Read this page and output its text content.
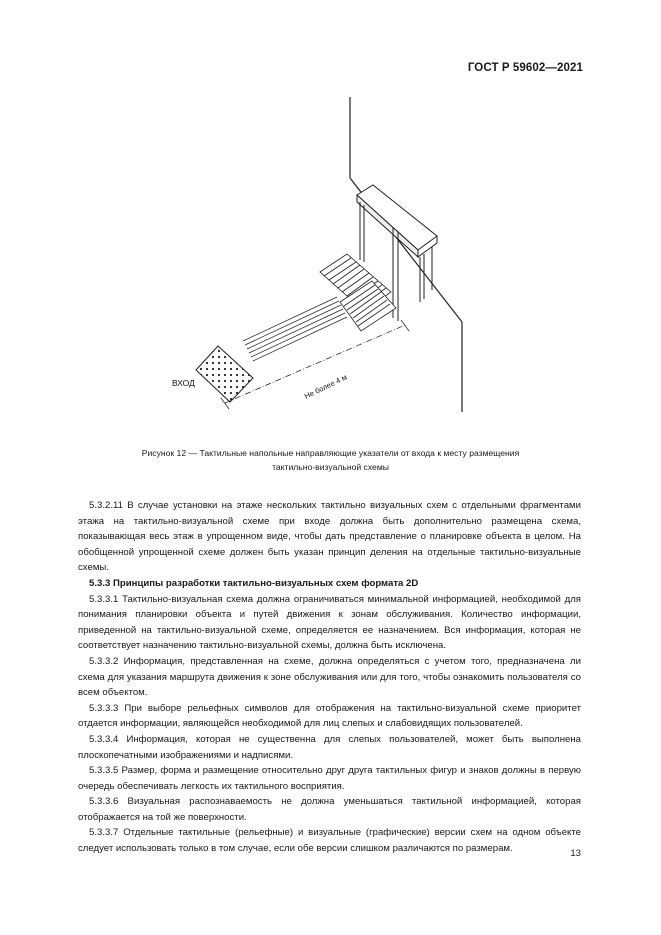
ГОСТ Р 59602—2021
ВХОД	Не более 4 м
Рисунок 12 — Тактильные напольные направляющие указатели от входа к месту размещения
тактильно-визуальной схемы

5.3.2.11 В случае установки на этаже нескольких тактильно визуальных схем с отдельными фрагментами этажа на тактильно-визуальной схеме при входе должна быть дополнительно размещена схема, показывающая весь этаж в упрощенном виде, чтобы дать представление о планировке объекта в целом. На обобщенной упрощенной схеме должен быть указан принцип деления на отдельные тактильно-визуальные схемы.

5.3.3 Принципы разработки тактильно-визуальных схем формата 2D

5.3.3.1 Тактильно-визуальная схема должна ограничиваться минимальной информацией, необходимой для понимания планировки объекта и путей движения к зонам обслуживания. Количество информации, приведенной на тактильно-визуальной схеме, определяется ее назначением. Вся информация, которая не соответствует назначению тактильно-визуальной схемы, должна быть исключена.

5.3.3.2 Информация, представленная на схеме, должна определяться с учетом того, предназначена ли схема для указания маршрута движения к зоне обслуживания или для того, чтобы ознакомить пользователя со всем объектом.

5.3.3.3 При выборе рельефных символов для отображения на тактильно-визуальной схеме приоритет отдается информации, являющейся необходимой для лиц слепых и слабовидящих пользователей.

5.3.3.4 Информация, которая не существенна для слепых пользователей, может быть выполнена плоскопечатными изображениями и надписями.

5.3.3.5 Размер, форма и размещение относительно друг друга тактильных фигур и знаков должны в первую очередь обеспечивать легкость их тактильного восприятия.

5.3.3.6 Визуальная распознаваемость не должна уменьшаться тактильной информацией, которая отображается на той же поверхности.

5.3.3.7 Отдельные тактильные (рельефные) и визуальные (графические) версии схем на одном объекте следует использовать только в том случае, если обе версии слишком различаются по размерам.	13
